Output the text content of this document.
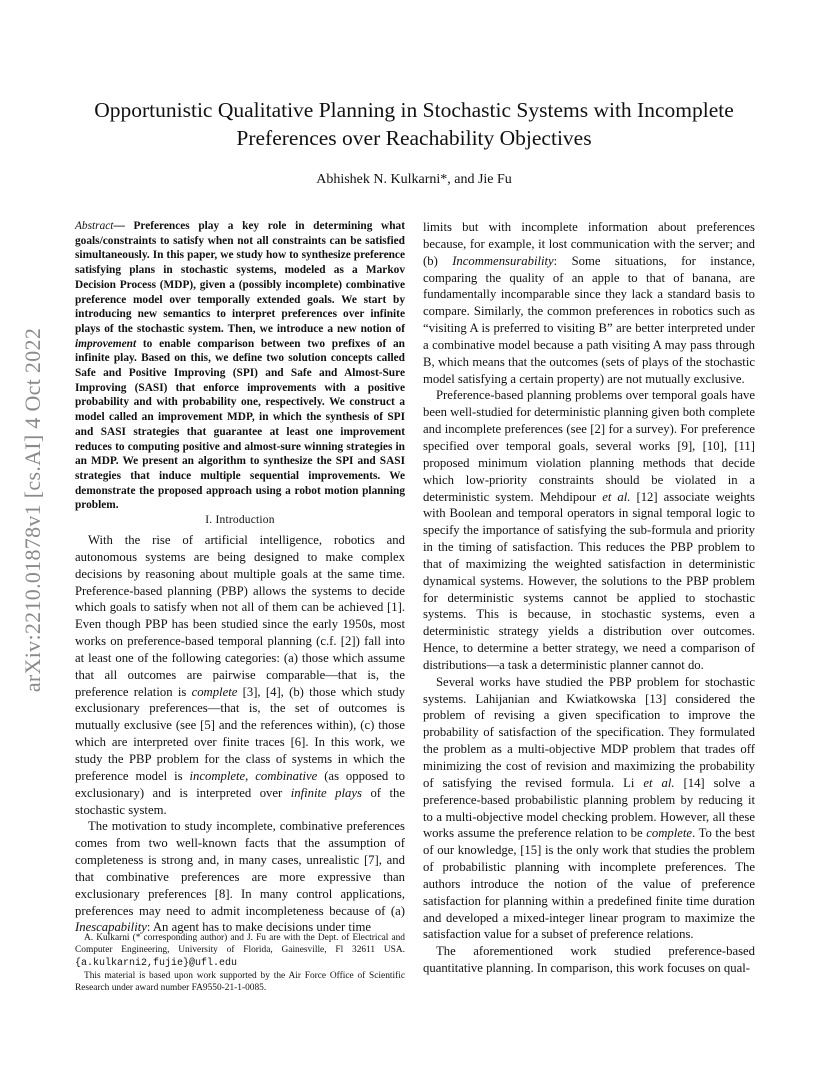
arXiv:2210.01878v1 [cs.AI] 4 Oct 2022
Opportunistic Qualitative Planning in Stochastic Systems with Incomplete
Preferences over Reachability Objectives
Abhishek N. Kulkarni*, and Jie Fu
Abstract— Preferences play a key role in determining what goals/constraints to satisfy when not all constraints can be satisfied simultaneously. In this paper, we study how to synthesize preference satisfying plans in stochastic systems, modeled as a Markov Decision Process (MDP), given a (possibly incomplete) combinative preference model over temporally extended goals. We start by introducing new semantics to interpret preferences over infinite plays of the stochastic system. Then, we introduce a new notion of improvement to enable comparison between two prefixes of an infinite play. Based on this, we define two solution concepts called Safe and Positive Improving (SPI) and Safe and Almost-Sure Improving (SASI) that enforce improvements with a positive probability and with probability one, respectively. We construct a model called an improvement MDP, in which the synthesis of SPI and SASI strategies that guarantee at least one improvement reduces to computing positive and almost-sure winning strategies in an MDP. We present an algorithm to synthesize the SPI and SASI strategies that induce multiple sequential improvements. We demonstrate the proposed approach using a robot motion planning problem.
I. Introduction

With the rise of artificial intelligence, robotics and autonomous systems are being designed to make complex decisions by reasoning about multiple goals at the same time. Preference-based planning (PBP) allows the systems to decide which goals to satisfy when not all of them can be achieved [1]. Even though PBP has been studied since the early 1950s, most works on preference-based temporal planning (c.f. [2]) fall into at least one of the following categories: (a) those which assume that all outcomes are pairwise comparable—that is, the preference relation is complete [3], [4], (b) those which study exclusionary preferences—that is, the set of outcomes is mutually exclusive (see [5] and the references within), (c) those which are interpreted over finite traces [6]. In this work, we study the PBP problem for the class of systems in which the preference model is incomplete, combinative (as opposed to exclusionary) and is interpreted over infinite plays of the stochastic system.

The motivation to study incomplete, combinative preferences comes from two well-known facts that the assumption of completeness is strong and, in many cases, unrealistic [7], and that combinative preferences are more expressive than exclusionary preferences [8]. In many control applications, preferences may need to admit incompleteness because of (a) Inescapability: An agent has to make decisions under time

limits but with incomplete information about preferences because, for example, it lost communication with the server; and (b) Incommensurability: Some situations, for instance, comparing the quality of an apple to that of banana, are fundamentally incomparable since they lack a standard basis to compare. Similarly, the common preferences in robotics such as “visiting A is preferred to visiting B” are better interpreted under a combinative model because a path visiting A may pass through B, which means that the outcomes (sets of plays of the stochastic model satisfying a certain property) are not mutually exclusive.

Preference-based planning problems over temporal goals have been well-studied for deterministic planning given both complete and incomplete preferences (see [2] for a survey). For preference specified over temporal goals, several works [9], [10], [11] proposed minimum violation planning methods that decide which low-priority constraints should be violated in a deterministic system. Mehdipour et al. [12] associate weights with Boolean and temporal operators in signal temporal logic to specify the importance of satisfying the sub-formula and priority in the timing of satisfaction. This reduces the PBP problem to that of maximizing the weighted satisfaction in deterministic dynamical systems. However, the solutions to the PBP problem for deterministic systems cannot be applied to stochastic systems. This is because, in stochastic systems, even a deterministic strategy yields a distribution over outcomes. Hence, to determine a better strategy, we need a comparison of distributions—a task a deterministic planner cannot do.

Several works have studied the PBP problem for stochastic systems. Lahijanian and Kwiatkowska [13] considered the problem of revising a given specification to improve the probability of satisfaction of the specification. They formulated the problem as a multi-objective MDP problem that trades off minimizing the cost of revision and maximizing the probability of satisfying the revised formula. Li et al. [14] solve a preference-based probabilistic planning problem by reducing it to a multi-objective model checking problem. However, all these works assume the preference relation to be complete. To the best of our knowledge, [15] is the only work that studies the problem of probabilistic planning with incomplete preferences. The authors introduce the notion of the value of preference satisfaction for planning within a predefined finite time duration and developed a mixed-integer linear program to maximize the satisfaction value for a subset of preference relations.

The aforementioned work studied preference-based quantitative planning. In comparison, this work focuses on qual-

A. Kulkarni (* corresponding author) and J. Fu are with the Dept. of Electrical and Computer Engineering, University of Florida, Gainesville, Fl 32611 USA. {a.kulkarni2,fujie}@ufl.edu

This material is based upon work supported by the Air Force Office of Scientific Research under award number FA9550-21-1-0085.
